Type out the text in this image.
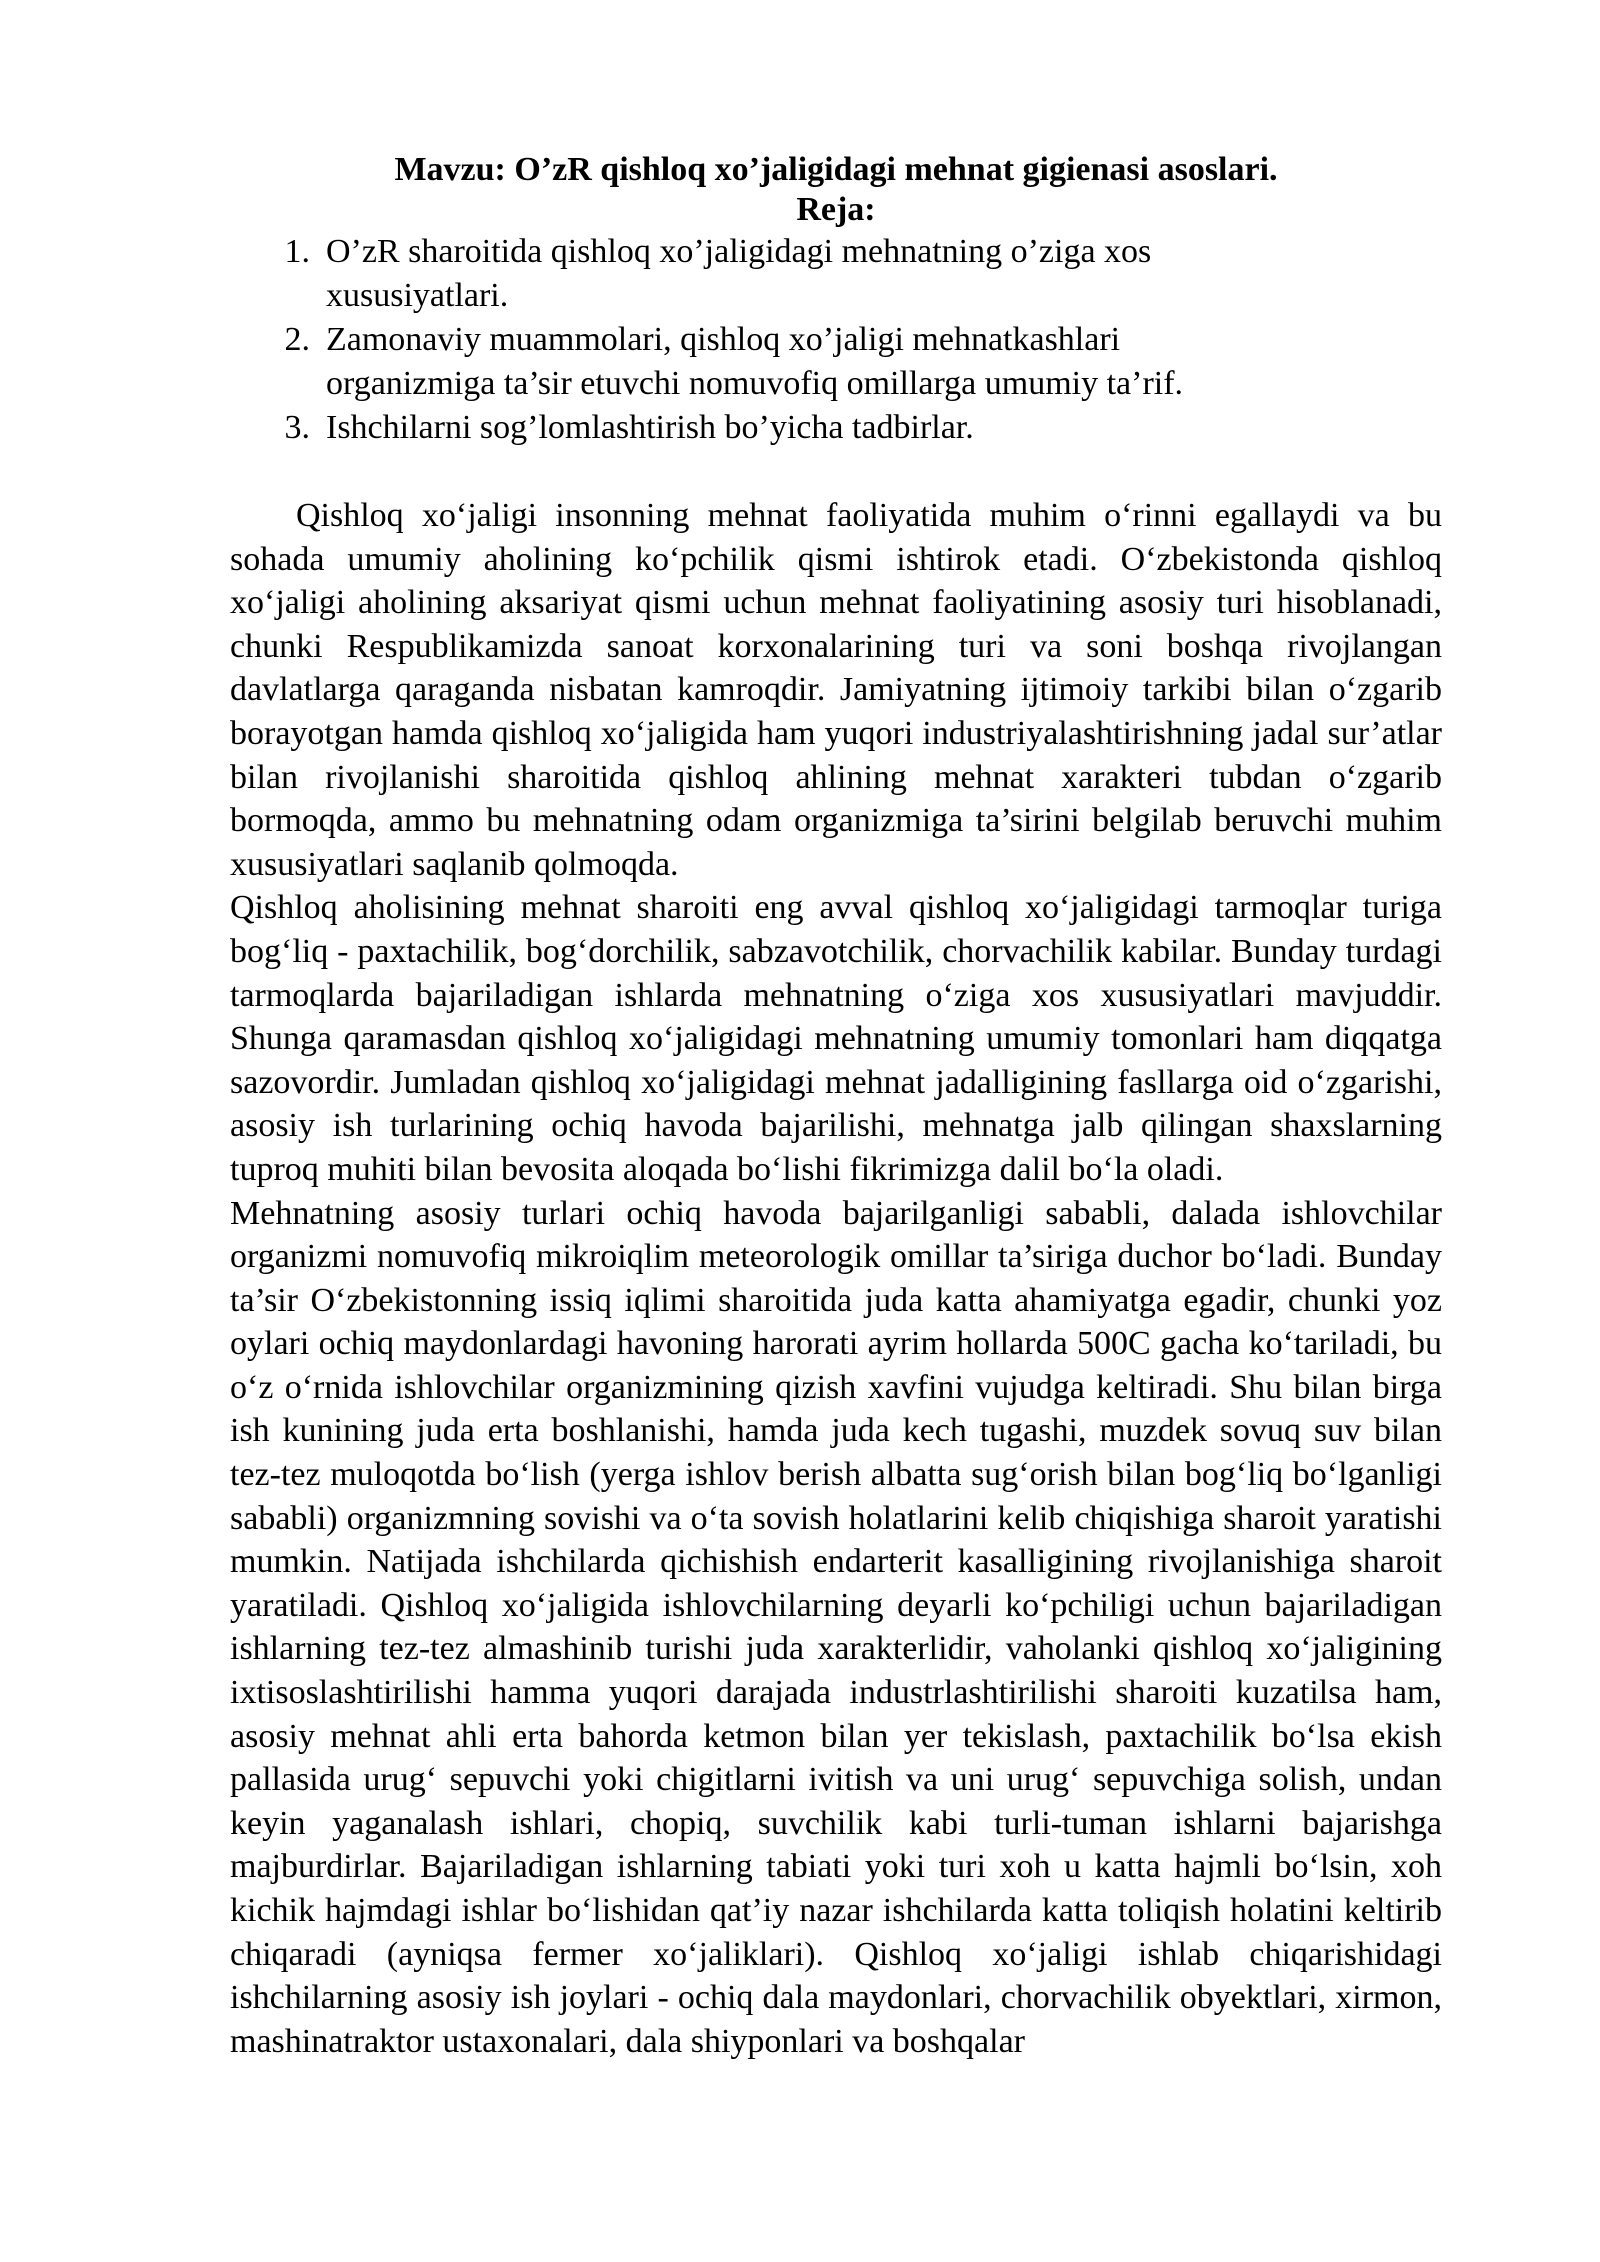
Mavzu: O’zR qishloq xo’jaligidagi mehnat gigienasi asoslari.
Reja:
1. O’zR sharoitida qishloq xo’jaligidagi mehnatning o’ziga xos xususiyatlari.
2. Zamonaviy muammolari, qishloq xo’jaligi mehnatkashlari organizmiga ta’sir etuvchi nomuvofiq omillarga umumiy ta’rif.
3. Ishchilarni sog’lomlashtirish bo’yicha tadbirlar.

Qishloq xo‘jaligi insonning mehnat faoliyatida muhim o‘rinni egallaydi va bu sohada umumiy aholining ko‘pchilik qismi ishtirok etadi. O‘zbekistonda qishloq xo‘jaligi aholining aksariyat qismi uchun mehnat faoliyatining asosiy turi hisoblanadi, chunki Respublikamizda sanoat korxonalarining turi va soni boshqa rivojlangan davlatlarga qaraganda nisbatan kamroqdir. Jamiyatning ijtimoiy tarkibi bilan o‘zgarib borayotgan hamda qishloq xo‘jaligida ham yuqori industriyalashtirishning jadal sur’atlar bilan rivojlanishi sharoitida qishloq ahlining mehnat xarakteri tubdan o‘zgarib bormoqda, ammo bu mehnatning odam organizmiga ta’sirini belgilab beruvchi muhim xususiyatlari saqlanib qolmoqda.

Qishloq aholisining mehnat sharoiti eng avval qishloq xo‘jaligidagi tarmoqlar turiga bog‘liq - paxtachilik, bog‘dorchilik, sabzavotchilik, chorvachilik kabilar. Bunday turdagi tarmoqlarda bajariladigan ishlarda mehnatning o‘ziga xos xususiyatlari mavjuddir. Shunga qaramasdan qishloq xo‘jaligidagi mehnatning umumiy tomonlari ham diqqatga sazovordir. Jumladan qishloq xo‘jaligidagi mehnat jadalligining fasllarga oid o‘zgarishi, asosiy ish turlarining ochiq havoda bajarilishi, mehnatga jalb qilingan shaxslarning tuproq muhiti bilan bevosita aloqada bo‘lishi fikrimizga dalil bo‘la oladi.

Mehnatning asosiy turlari ochiq havoda bajarilganligi sababli, dalada ishlovchilar organizmi nomuvofiq mikroiqlim meteorologik omillar ta’siriga duchor bo‘ladi. Bunday ta’sir O‘zbekistonning issiq iqlimi sharoitida juda katta ahamiyatga egadir, chunki yoz oylari ochiq maydonlardagi havoning harorati ayrim hollarda 500C gacha ko‘tariladi, bu o‘z o‘rnida ishlovchilar organizmining qizish xavfini vujudga keltiradi. Shu bilan birga ish kunining juda erta boshlanishi, hamda juda kech tugashi, muzdek sovuq suv bilan tez-tez muloqotda bo‘lish (yerga ishlov berish albatta sug‘orish bilan bog‘liq bo‘lganligi sababli) organizmning sovishi va o‘ta sovish holatlarini kelib chiqishiga sharoit yaratishi mumkin. Natijada ishchilarda qichishish endarterit kasalligining rivojlanishiga sharoit yaratiladi. Qishloq xo‘jaligida ishlovchilarning deyarli ko‘pchiligi uchun bajariladigan ishlarning tez-tez almashinib turishi juda xarakterlidir, vaholanki qishloq xo‘jaligining ixtisoslashtirilishi hamma yuqori darajada industrlashtirilishi sharoiti kuzatilsa ham, asosiy mehnat ahli erta bahorda ketmon bilan yer tekislash, paxtachilik bo‘lsa ekish pallasida urug‘ sepuvchi yoki chigitlarni ivitish va uni urug‘ sepuvchiga solish, undan keyin yaganalash ishlari, chopiq, suvchilik kabi turli-tuman ishlarni bajarishga majburdirlar. Bajariladigan ishlarning tabiati yoki turi xoh u katta hajmli bo‘lsin, xoh kichik hajmdagi ishlar bo‘lishidan qat’iy nazar ishchilarda katta toliqish holatini keltirib chiqaradi (ayniqsa fermer xo‘jaliklari). Qishloq xo‘jaligi ishlab chiqarishidagi ishchilarning asosiy ish joylari - ochiq dala maydonlari, chorvachilik obyektlari, xirmon, mashinatraktor ustaxonalari, dala shiyponlari va boshqalar
